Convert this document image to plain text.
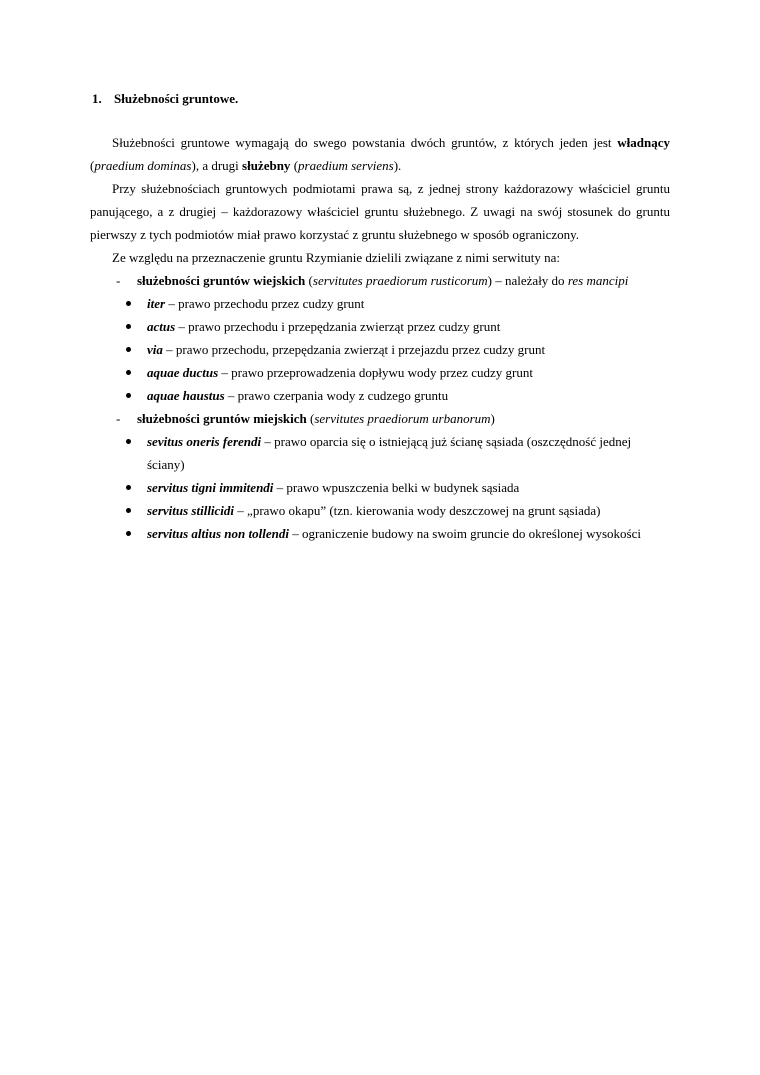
1. Służebności gruntowe.

Służebności gruntowe wymagają do swego powstania dwóch gruntów, z których jeden jest władnący (praedium dominas), a drugi służebny (praedium serviens).

Przy służebnościach gruntowych podmiotami prawa są, z jednej strony każdorazowy właściciel gruntu panującego, a z drugiej – każdorazowy właściciel gruntu służebnego. Z uwagi na swój stosunek do gruntu pierwszy z tych podmiotów miał prawo korzystać z gruntu służebnego w sposób ograniczony.

Ze względu na przeznaczenie gruntu Rzymianie dzielili związane z nimi serwituty na:

- służebności gruntów wiejskich (servitutes praediorum rusticorum) – należały do res mancipi
iter – prawo przechodu przez cudzy grunt
actus – prawo przechodu i przepędzania zwierząt przez cudzy grunt
via – prawo przechodu, przepędzania zwierząt i przejazdu przez cudzy grunt
aquae ductus – prawo przeprowadzenia dopływu wody przez cudzy grunt
aquae haustus – prawo czerpania wody z cudzego gruntu
- służebności gruntów miejskich (servitutes praediorum urbanorum)
sevitus oneris ferendi – prawo oparcia się o istniejącą już ścianę sąsiada (oszczędność jednej ściany)
servitus tigni immitendi – prawo wpuszczenia belki w budynek sąsiada
servitus stillicidi – „prawo okapu” (tzn. kierowania wody deszczowej na grunt sąsiada)
servitus altius non tollendi – ograniczenie budowy na swoim gruncie do określonej wysokości
